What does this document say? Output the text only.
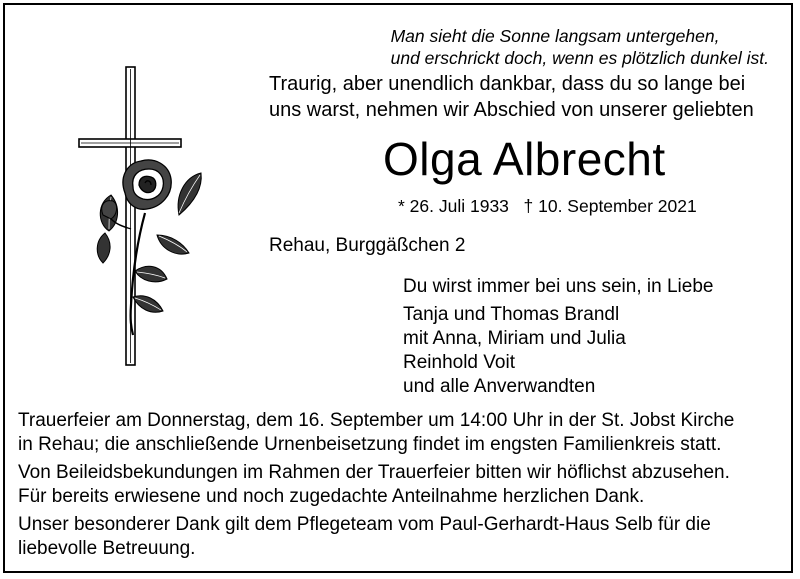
Man sieht die Sonne langsam untergehen,
und erschrickt doch, wenn es plötzlich dunkel ist.
Traurig, aber unendlich dankbar, dass du so lange bei
uns warst, nehmen wir Abschied von unserer geliebten
Olga Albrecht
* 26. Juli 1933 † 10. September 2021
Rehau, Burggäßchen 2
Du wirst immer bei uns sein, in Liebe
Tanja und Thomas Brandl
mit Anna, Miriam und Julia
Reinhold Voit
und alle Anverwandten

Trauerfeier am Donnerstag, dem 16. September um 14:00 Uhr in der St. Jobst Kirche
in Rehau; die anschließende Urnenbeisetzung findet im engsten Familienkreis statt.

Von Beileidsbekundungen im Rahmen der Trauerfeier bitten wir höflichst abzusehen.
Für bereits erwiesene und noch zugedachte Anteilnahme herzlichen Dank.

Unser besonderer Dank gilt dem Pflegeteam vom Paul-Gerhardt-Haus Selb für die
liebevolle Betreuung.
